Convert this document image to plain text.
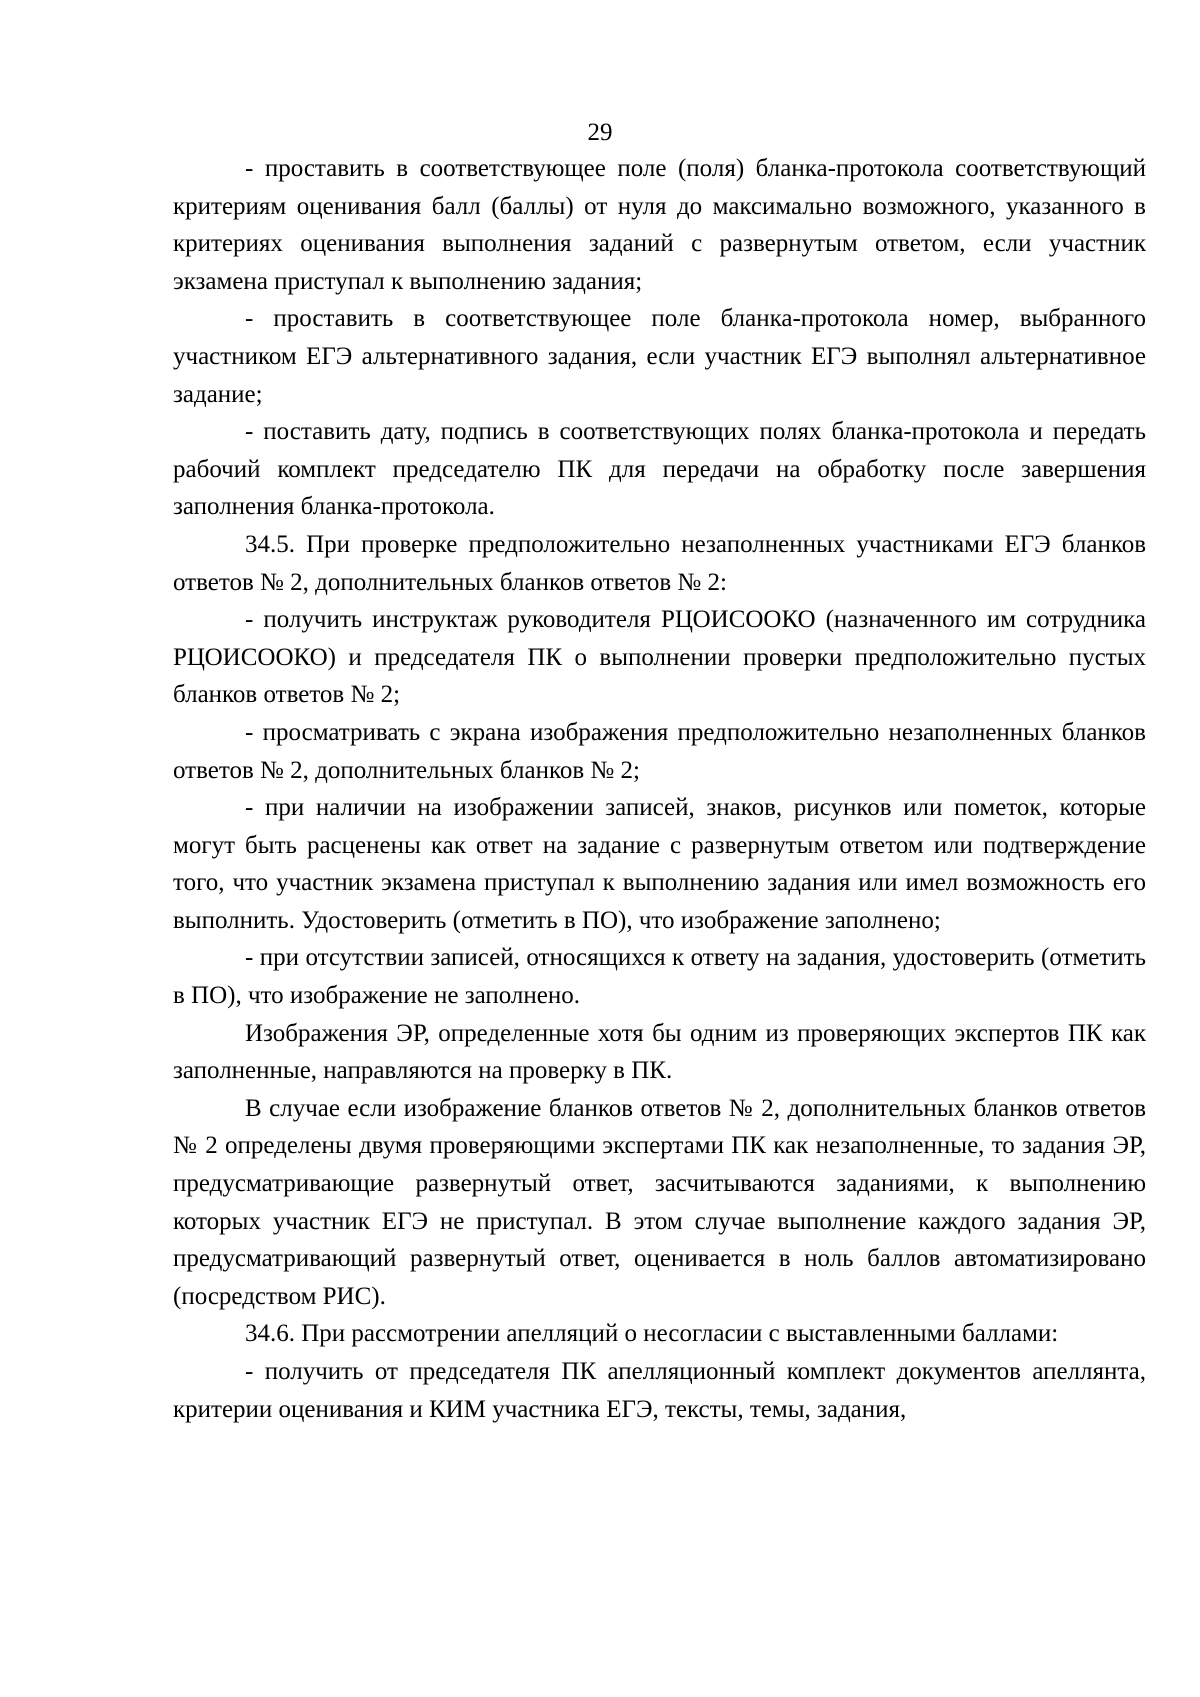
29

- проставить в соответствующее поле (поля) бланка-протокола соответствующий критериям оценивания балл (баллы) от нуля до максимально возможного, указанного в критериях оценивания выполнения заданий с развернутым ответом, если участник экзамена приступал к выполнению задания;

- проставить в соответствующее поле бланка-протокола номер, выбранного участником ЕГЭ альтернативного задания, если участник ЕГЭ выполнял альтернативное задание;

- поставить дату, подпись в соответствующих полях бланка-протокола и передать рабочий комплект председателю ПК для передачи на обработку после завершения заполнения бланка-протокола.

34.5. При проверке предположительно незаполненных участниками ЕГЭ бланков ответов № 2, дополнительных бланков ответов № 2:

- получить инструктаж руководителя РЦОИСООКО (назначенного им сотрудника РЦОИСООКО) и председателя ПК о выполнении проверки предположительно пустых бланков ответов № 2;

- просматривать с экрана изображения предположительно незаполненных бланков ответов № 2, дополнительных бланков № 2;

- при наличии на изображении записей, знаков, рисунков или пометок, которые могут быть расценены как ответ на задание с развернутым ответом или подтверждение того, что участник экзамена приступал к выполнению задания или имел возможность его выполнить. Удостоверить (отметить в ПО), что изображение заполнено;

- при отсутствии записей, относящихся к ответу на задания, удостоверить (отметить в ПО), что изображение не заполнено.

Изображения ЭР, определенные хотя бы одним из проверяющих экспертов ПК как заполненные, направляются на проверку в ПК.

В случае если изображение бланков ответов № 2, дополнительных бланков ответов № 2 определены двумя проверяющими экспертами ПК как незаполненные, то задания ЭР, предусматривающие развернутый ответ, засчитываются заданиями, к выполнению которых участник ЕГЭ не приступал. В этом случае выполнение каждого задания ЭР, предусматривающий развернутый ответ, оценивается в ноль баллов автоматизировано (посредством РИС).

34.6. При рассмотрении апелляций о несогласии с выставленными баллами:

- получить от председателя ПК апелляционный комплект документов апеллянта, критерии оценивания и КИМ участника ЕГЭ, тексты, темы, задания,
